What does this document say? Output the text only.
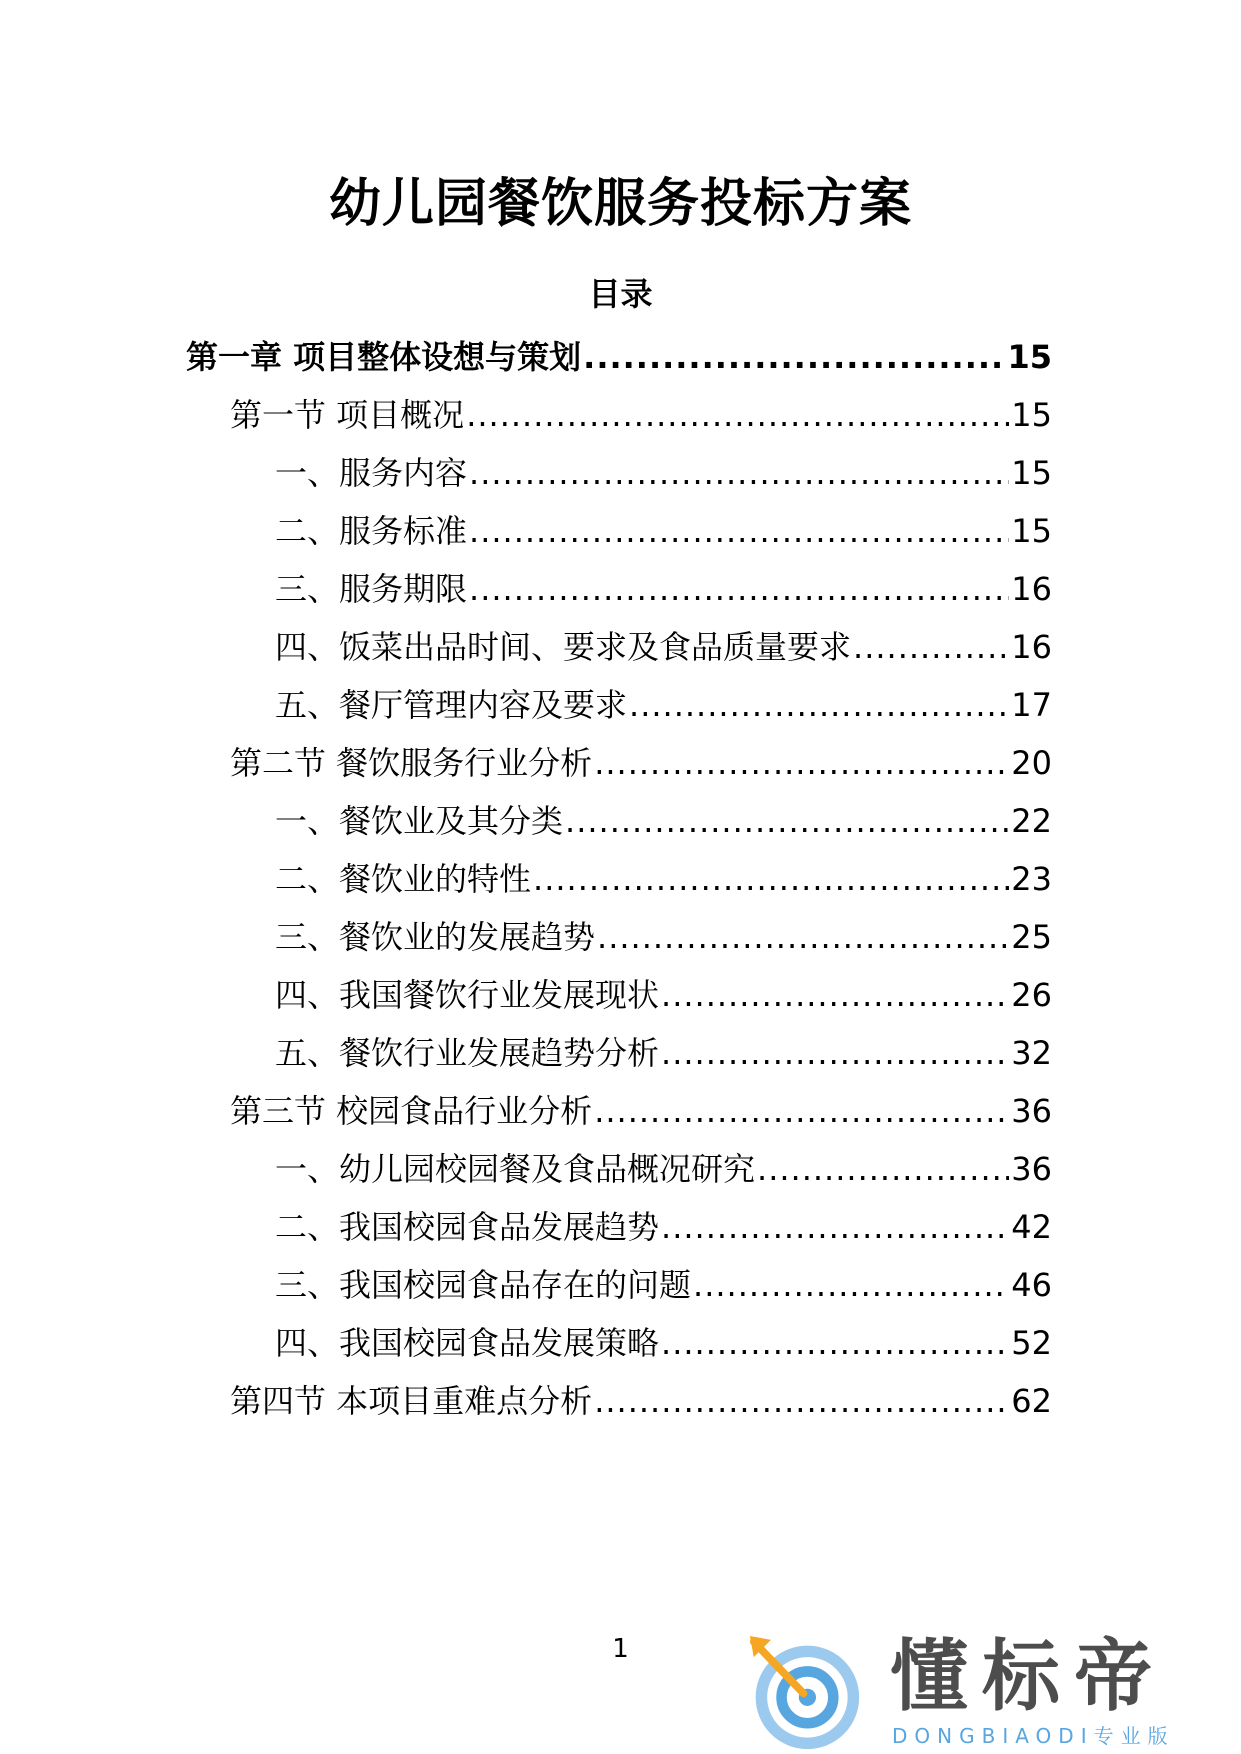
幼儿园餐饮服务投标方案
目录
第一章 项目整体设想与策划 .....	15
第一节 项目概况 .....	15
一、服务内容 .....	15
二、服务标准 .....	15
三、服务期限 .....	16
四、饭菜出品时间、要求及食品质量要求 .....	16
五、餐厅管理内容及要求 .....	17
第二节 餐饮服务行业分析 .....	20
一、餐饮业及其分类 .....	22
二、餐饮业的特性 .....	23
三、餐饮业的发展趋势 .....	25
四、我国餐饮行业发展现状 .....	26
五、餐饮行业发展趋势分析 .....	32
第三节 校园食品行业分析 .....	36
一、幼儿园校园餐及食品概况研究 .....	36
二、我国校园食品发展趋势 .....	42
三、我国校园食品存在的问题 .....	46
四、我国校园食品发展策略 .....	52
第四节 本项目重难点分析 .....	62
1	懂标帝
DONGBIAODI专业版
